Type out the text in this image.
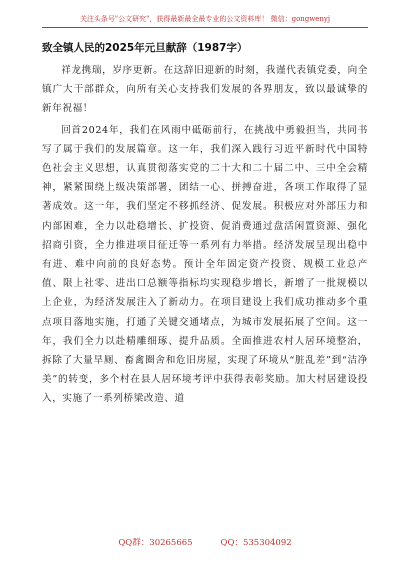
关注头条号"公文研究"，获得最新最全最专业的公文资料库！ 微信：gongwenyj
致全镇人民的2025年元旦献辞（1987字）

祥龙携瑞，岁序更新。在这辞旧迎新的时刻，我谨代表镇党委，向全镇广大干部群众，向所有关心支持我们发展的各界朋友，致以最诚挚的新年祝福！

回首2024年，我们在风雨中砥砺前行，在挑战中勇毅担当，共同书写了属于我们的发展篇章。这一年，我们深入践行习近平新时代中国特色社会主义思想，认真贯彻落实党的二十大和二十届二中、三中全会精神，紧紧围绕上级决策部署，团结一心、拼搏奋进，各项工作取得了显著成效。这一年，我们坚定不移抓经济、促发展。积极应对外部压力和内部困难，全力以赴稳增长、扩投资、促消费通过盘活闲置资源、强化招商引资，全力推进项目征迁等一系列有力举措。经济发展呈现出稳中有进、难中向前的良好态势。预计全年固定资产投资、规模工业总产值、限上社零、进出口总额等指标均实现稳步增长，新增了一批规模以上企业，为经济发展注入了新动力。在项目建设上我们成功推动多个重点项目落地实施，打通了关键交通堵点，为城市发展拓展了空间。这一年，我们全力以赴精雕细琢、提升品质。全面推进农村人居环境整治，拆除了大量旱厕、畜禽圈舍和危旧房屋，实现了环境从“脏乱差”到“洁净美”的转变，多个村在县人居环境考评中获得表彰奖励。加大村居建设投入，实施了一系列桥梁改造、道

QQ群：30265665	QQ：535304092
